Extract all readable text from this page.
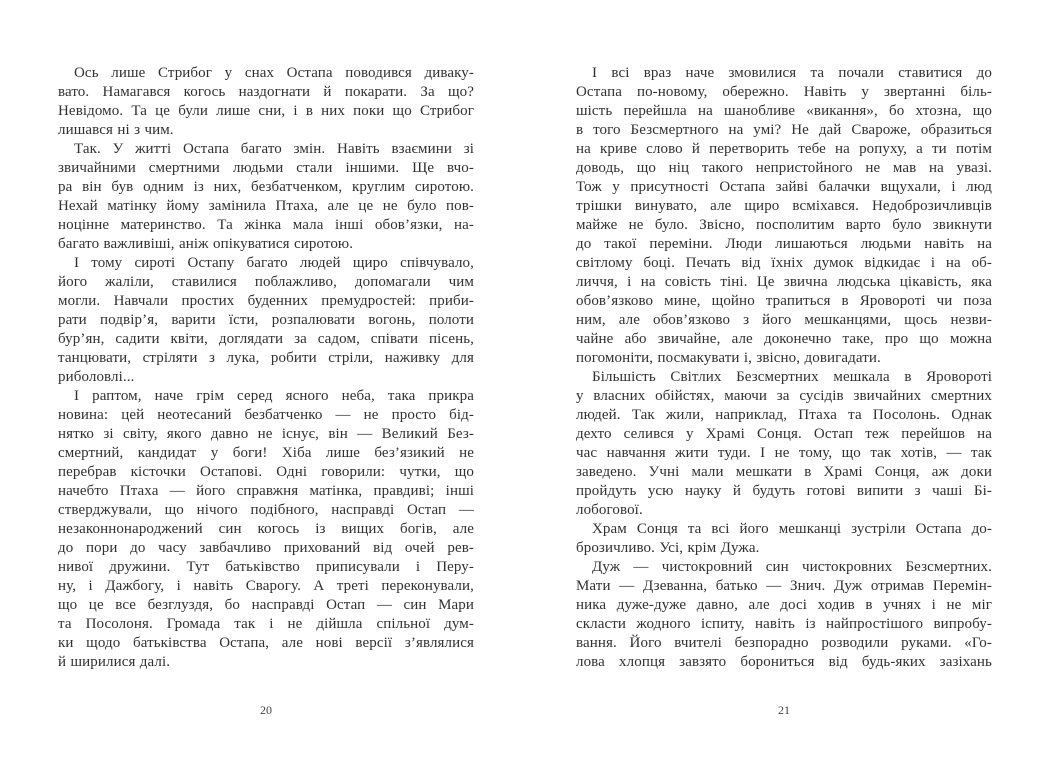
Ось лише Стрибог у снах Остапа поводився диваку-
вато. Намагався когось наздогнати й покарати. За що?
Невідомо. Та це були лише сни, і в них поки що Стрибог
лишався ні з чим.
Так. У житті Остапа багато змін. Навіть взаємини зі
звичайними смертними людьми стали іншими. Ще вчо-
ра він був одним із них, безбатченком, круглим сиротою.
Нехай матінку йому замінила Птаха, але це не було пов-
ноцінне материнство. Та жінка мала інші обов’язки, на-
багато важливіші, аніж опікуватися сиротою.
І тому сироті Остапу багато людей щиро співчувало,
його жаліли, ставилися поблажливо, допомагали чим
могли. Навчали простих буденних премудростей: приби-
рати подвір’я, варити їсти, розпалювати вогонь, полоти
бур’ян, садити квіти, доглядати за садом, співати пісень,
танцювати, стріляти з лука, робити стріли, наживку для
риболовлі...
І раптом, наче грім серед ясного неба, така прикра
новина: цей неотесаний безбатченко — не просто бід-
нятко зі світу, якого давно не існує, він — Великий Без-
смертний, кандидат у боги! Хіба лише без’язикий не
перебрав кісточки Остапові. Одні говорили: чутки, що
начебто Птаха — його справжня матінка, правдиві; інші
стверджували, що нічого подібного, насправді Остап —
незаконнонароджений син когось із вищих богів, але
до пори до часу завбачливо прихований від очей рев-
нивої дружини. Тут батьківство приписували і Перу-
ну, і Дажбогу, і навіть Сварогу. А треті переконували,
що це все безглуздя, бо насправді Остап — син Мари
та Посолоня. Громада так і не дійшла спільної дум-
ки щодо батьківства Остапа, але нові версії з’являлися
й ширилися далі.
20
І всі враз наче змовилися та почали ставитися до
Остапа по-новому, обережно. Навіть у звертанні біль-
шість перейшла на шанобливе «викання», бо хтозна, що
в того Безсмертного на умі? Не дай Свароже, образиться
на криве слово й перетворить тебе на ропуху, а ти потім
доводь, що ніц такого непристойного не мав на увазі.
Тож у присутності Остапа зайві балачки вщухали, і люд
трішки винувато, але щиро всміхався. Недоброзичливців
майже не було. Звісно, посполитим варто було звикнути
до такої переміни. Люди лишаються людьми навіть на
світлому боці. Печать від їхніх думок відкидає і на об-
личчя, і на совість тіні. Це звична людська цікавість, яка
обов’язково мине, щойно трапиться в Яровороті чи поза
ним, але обов’язково з його мешканцями, щось незви-
чайне або звичайне, але доконечно таке, про що можна
погомоніти, посмакувати і, звісно, довигадати.
Більшість Світлих Безсмертних мешкала в Яровороті
у власних обійстях, маючи за сусідів звичайних смертних
людей. Так жили, наприклад, Птаха та Посолонь. Однак
дехто селився у Храмі Сонця. Остап теж перейшов на
час навчання жити туди. І не тому, що так хотів, — так
заведено. Учні мали мешкати в Храмі Сонця, аж доки
пройдуть усю науку й будуть готові випити з чаші Бі-
лобогової.
Храм Сонця та всі його мешканці зустріли Остапа до-
брозичливо. Усі, крім Дужа.
Дуж — чистокровний син чистокровних Безсмертних.
Мати — Дзеванна, батько — Знич. Дуж отримав Перемін-
ника дуже-дуже давно, але досі ходив в учнях і не міг
скласти жодного іспиту, навіть із найпростішого випробу-
вання. Його вчителі безпорадно розводили руками. «Го-
лова хлопця завзято борониться від будь-яких зазіхань
21
